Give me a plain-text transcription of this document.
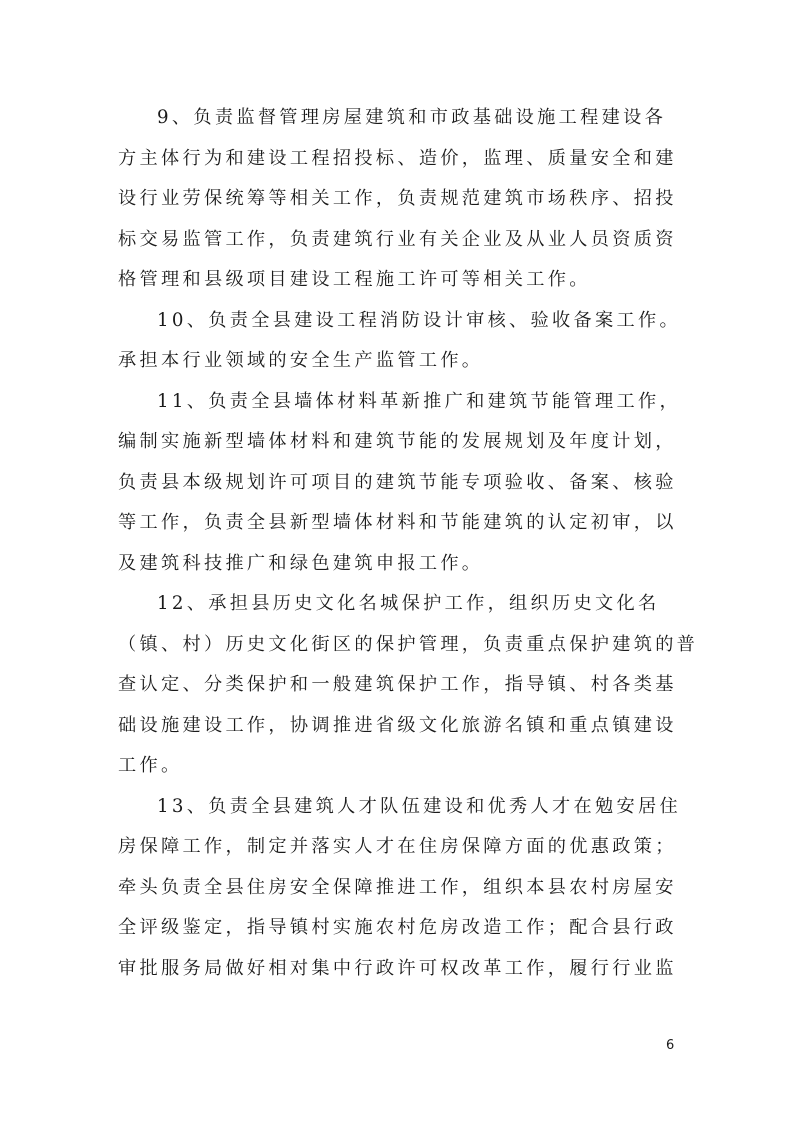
9、负责监督管理房屋建筑和市政基础设施工程建设各
方主体行为和建设工程招投标、造价，监理、质量安全和建
设行业劳保统筹等相关工作，负责规范建筑市场秩序、招投
标交易监管工作，负责建筑行业有关企业及从业人员资质资
格管理和县级项目建设工程施工许可等相关工作。

10、负责全县建设工程消防设计审核、验收备案工作。
承担本行业领域的安全生产监管工作。

11、负责全县墙体材料革新推广和建筑节能管理工作，
编制实施新型墙体材料和建筑节能的发展规划及年度计划，
负责县本级规划许可项目的建筑节能专项验收、备案、核验
等工作，负责全县新型墙体材料和节能建筑的认定初审，以
及建筑科技推广和绿色建筑申报工作。

12、承担县历史文化名城保护工作，组织历史文化名
（镇、村）历史文化街区的保护管理，负责重点保护建筑的普
查认定、分类保护和一般建筑保护工作，指导镇、村各类基
础设施建设工作，协调推进省级文化旅游名镇和重点镇建设
工作。

13、负责全县建筑人才队伍建设和优秀人才在勉安居住
房保障工作，制定并落实人才在住房保障方面的优惠政策；
牵头负责全县住房安全保障推进工作，组织本县农村房屋安
全评级鉴定，指导镇村实施农村危房改造工作；配合县行政
审批服务局做好相对集中行政许可权改革工作，履行行业监

6
